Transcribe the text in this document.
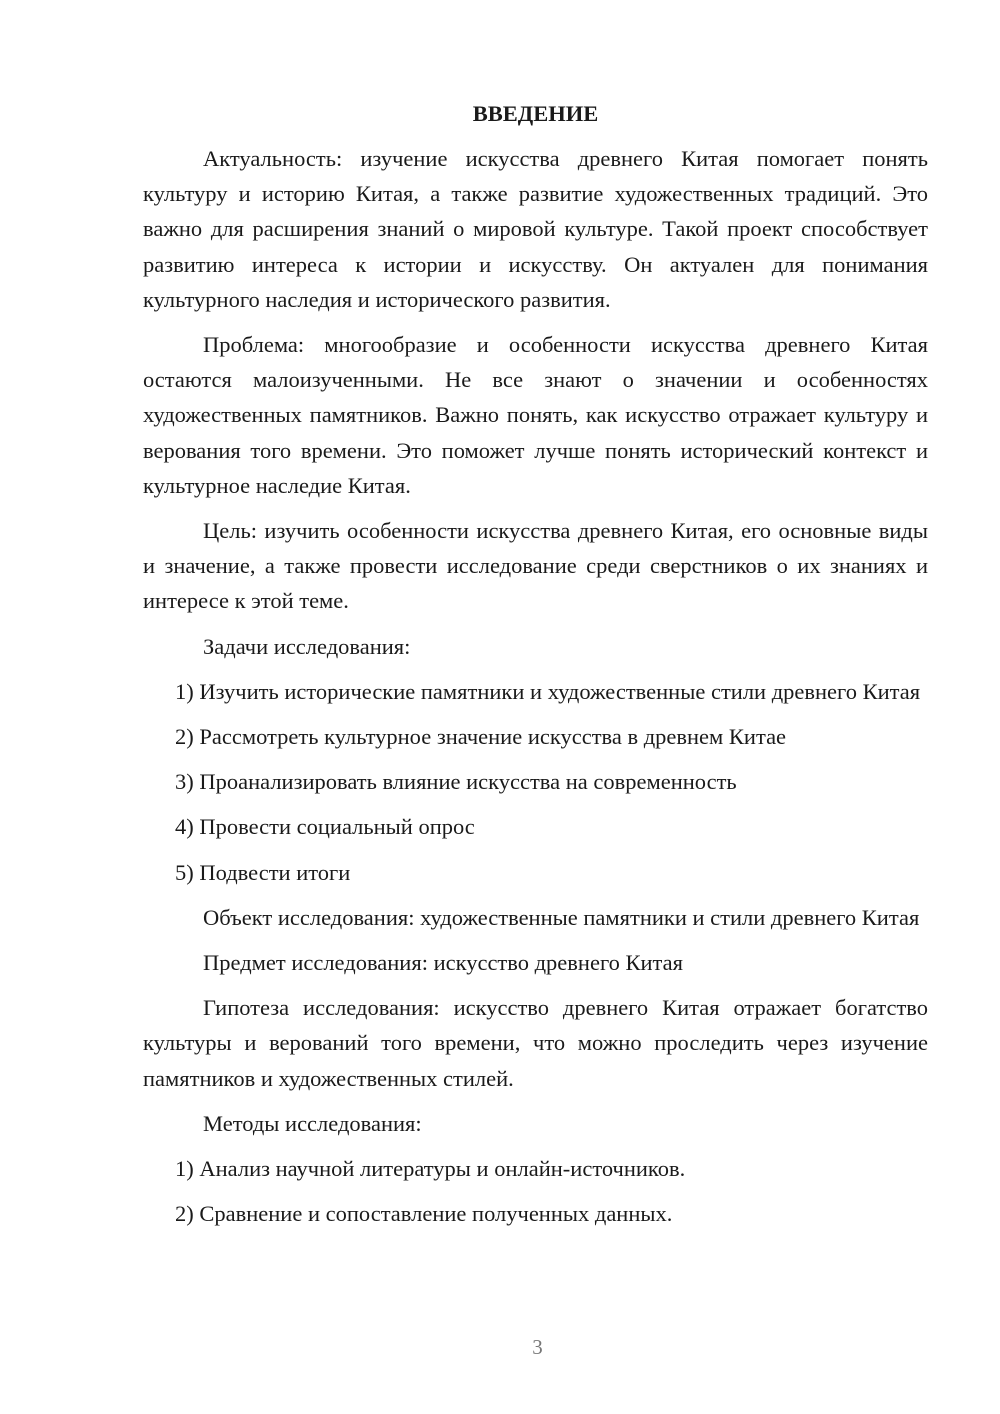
ВВЕДЕНИЕ

Актуальность: изучение искусства древнего Китая помогает понять культуру и историю Китая, а также развитие художественных традиций. Это важно для расширения знаний о мировой культуре. Такой проект способствует развитию интереса к истории и искусству. Он актуален для понимания культурного наследия и исторического развития.

Проблема: многообразие и особенности искусства древнего Китая остаются малоизученными. Не все знают о значении и особенностях художественных памятников. Важно понять, как искусство отражает культуру и верования того времени. Это поможет лучше понять исторический контекст и культурное наследие Китая.

Цель: изучить особенности искусства древнего Китая, его основные виды и значение, а также провести исследование среди сверстников о их знаниях и интересе к этой теме.

Задачи исследования:

1) Изучить исторические памятники и художественные стили древнего Китая

2) Рассмотреть культурное значение искусства в древнем Китае

3) Проанализировать влияние искусства на современность

4) Провести социальный опрос

5) Подвести итоги

Объект исследования: художественные памятники и стили древнего Китая

Предмет исследования: искусство древнего Китая

Гипотеза исследования: искусство древнего Китая отражает богатство культуры и верований того времени, что можно проследить через изучение памятников и художественных стилей.

Методы исследования:

1) Анализ научной литературы и онлайн-источников.

2) Сравнение и сопоставление полученных данных.

3
